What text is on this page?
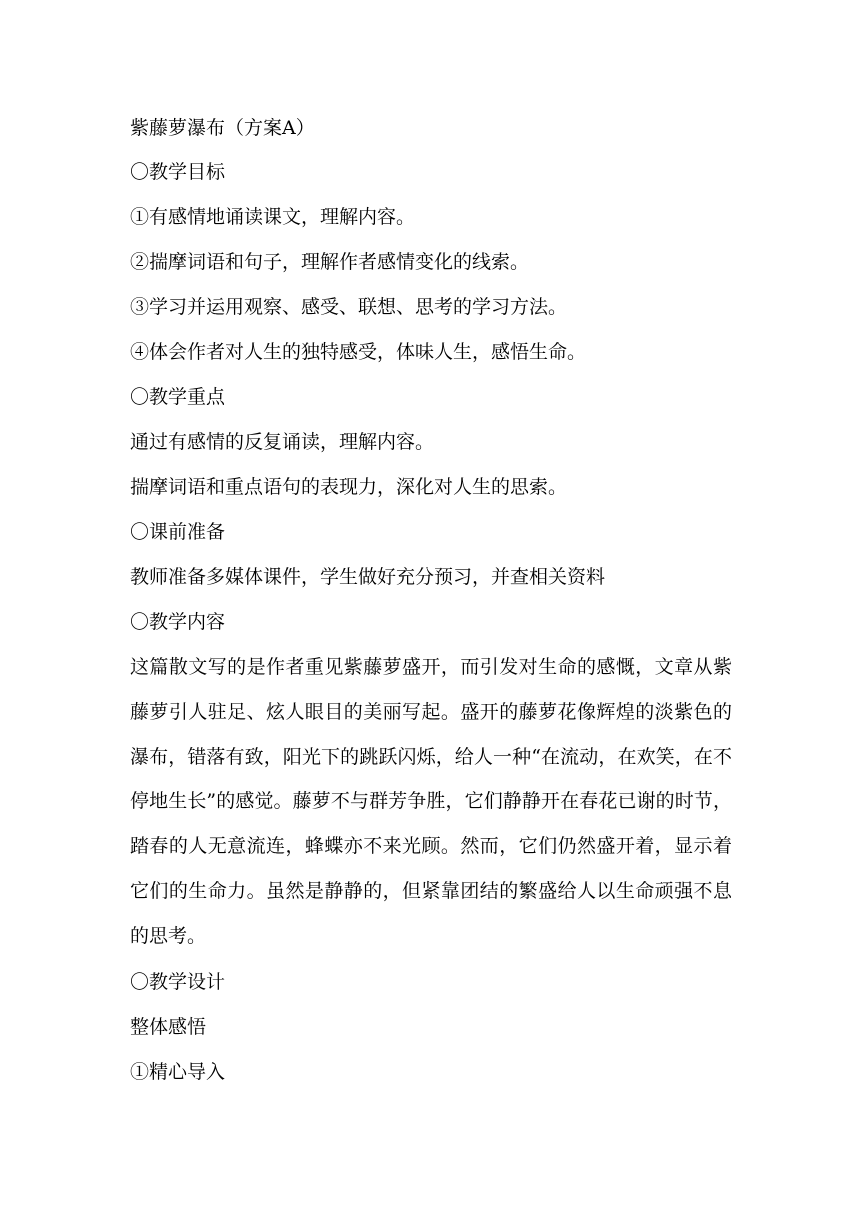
紫藤萝瀑布（方案A）
〇教学目标
①有感情地诵读课文，理解内容。
②揣摩词语和句子，理解作者感情变化的线索。
③学习并运用观察、感受、联想、思考的学习方法。
④体会作者对人生的独特感受，体味人生，感悟生命。
〇教学重点
通过有感情的反复诵读，理解内容。
揣摩词语和重点语句的表现力，深化对人生的思索。
〇课前准备
教师准备多媒体课件，学生做好充分预习，并查相关资料
〇教学内容
这篇散文写的是作者重见紫藤萝盛开，而引发对生命的感慨，文章从紫藤萝引人驻足、炫人眼目的美丽写起。盛开的藤萝花像辉煌的淡紫色的瀑布，错落有致，阳光下的跳跃闪烁，给人一种“在流动，在欢笑，在不停地生长”的感觉。藤萝不与群芳争胜，它们静静开在春花已谢的时节，踏春的人无意流连，蜂蝶亦不来光顾。然而，它们仍然盛开着，显示着它们的生命力。虽然是静静的，但紧靠团结的繁盛给人以生命顽强不息的思考。
〇教学设计
整体感悟
①精心导入
